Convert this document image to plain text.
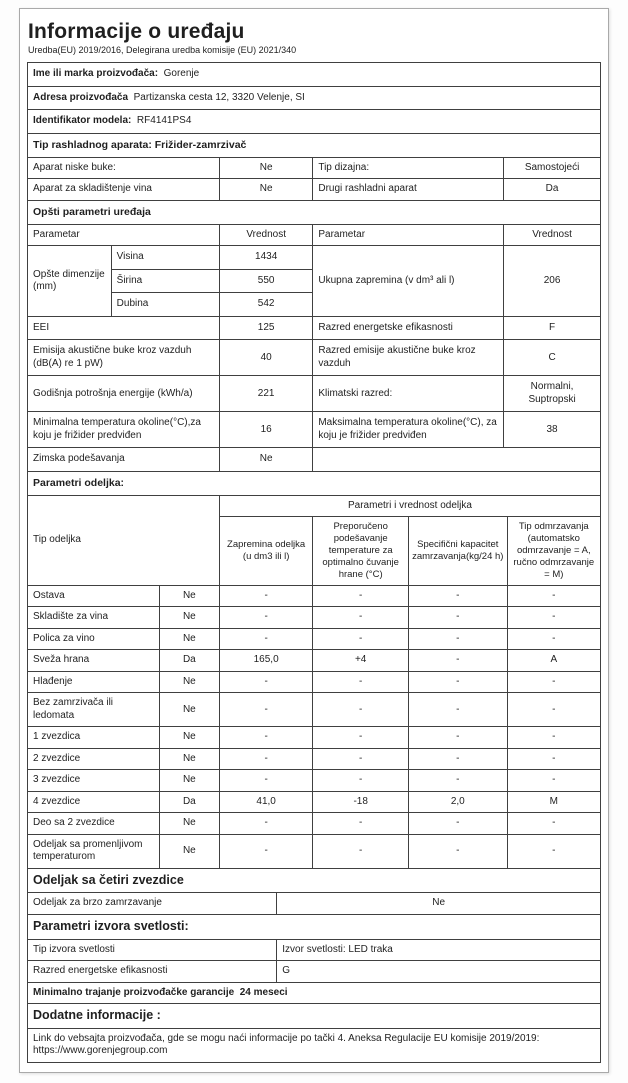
Informacije o uređaju
Uredba(EU) 2019/2016, Delegirana uredba komisije (EU) 2021/340
Ime ili marka proizvođača: Gorenje
Adresa proizvođača Partizanska cesta 12, 3320 Velenje, SI
Identifikator modela: RF4141PS4
Tip rashladnog aparata: Frižider-zamrzivač
Aparat niske buke:	Ne	Tip dizajna:	Samostojeći
Aparat za skladištenje vina	Ne	Drugi rashladni aparat	Da
Opšti parametri uređaja
Parametar		Vrednost	Parametar	Vrednost
Opšte dimenzije (mm)	Visina	1434	Ukupna zapremina (v dm³ ali l)	206
	Širina	550		
	Dubina	542		
EEI		125	Razred energetske efikasnosti	F
Emisija akustične buke kroz vazduh (dB(A) re 1 pW)		40	Razred emisije akustične buke kroz vazduh	C
Godišnja potrošnja energije (kWh/a)		221	Klimatski razred:	Normalni, Suptropski
Minimalna temperatura okoline(°C),za koju je frižider predviđen		16	Maksimalna temperatura okoline(°C), za koju je frižider predviđen	38
Zimska podešavanja		Ne		
Parametri odeljka:
Tip odeljka		Parametri i vrednost odeljka			
		Zapremina odeljka (u dm3 ili l)	Preporučeno podešavanje temperature za optimalno čuvanje hrane (°C)	Specifični kapacitet zamrzavanja(kg/24 h)	Tip odmrzavanja (automatsko odmrzavanje = A, ručno odmrzavanje = M)
Ostava	Ne	-	-	-	-
Skladište za vina	Ne	-	-	-	-
Polica za vino	Ne	-	-	-	-
Sveža hrana	Da	165,0	+4	-	A
Hlađenje	Ne	-	-	-	-
Bez zamrzivača ili ledomata	Ne	-	-	-	-
1 zvezdica	Ne	-	-	-	-
2 zvezdice	Ne	-	-	-	-
3 zvezdice	Ne	-	-	-	-
4 zvezdice	Da	41,0	-18	2,0	M
Deo sa 2 zvezdice	Ne	-	-	-	-
Odeljak sa promenljivom temperaturom	Ne	-	-	-	-
Odeljak sa četiri zvezdice
Odeljak za brzo zamrzavanje	Ne
Parametri izvora svetlosti:
Tip izvora svetlosti	Izvor svetlosti: LED traka
Razred energetske efikasnosti	G
Minimalno trajanje proizvođačke garancije 24 meseci
Dodatne informacije :
Link do vebsajta proizvođača, gde se mogu naći informacije po tački 4. Aneksa Regulacije EU komisije 2019/2019:
https://www.gorenjegroup.com
